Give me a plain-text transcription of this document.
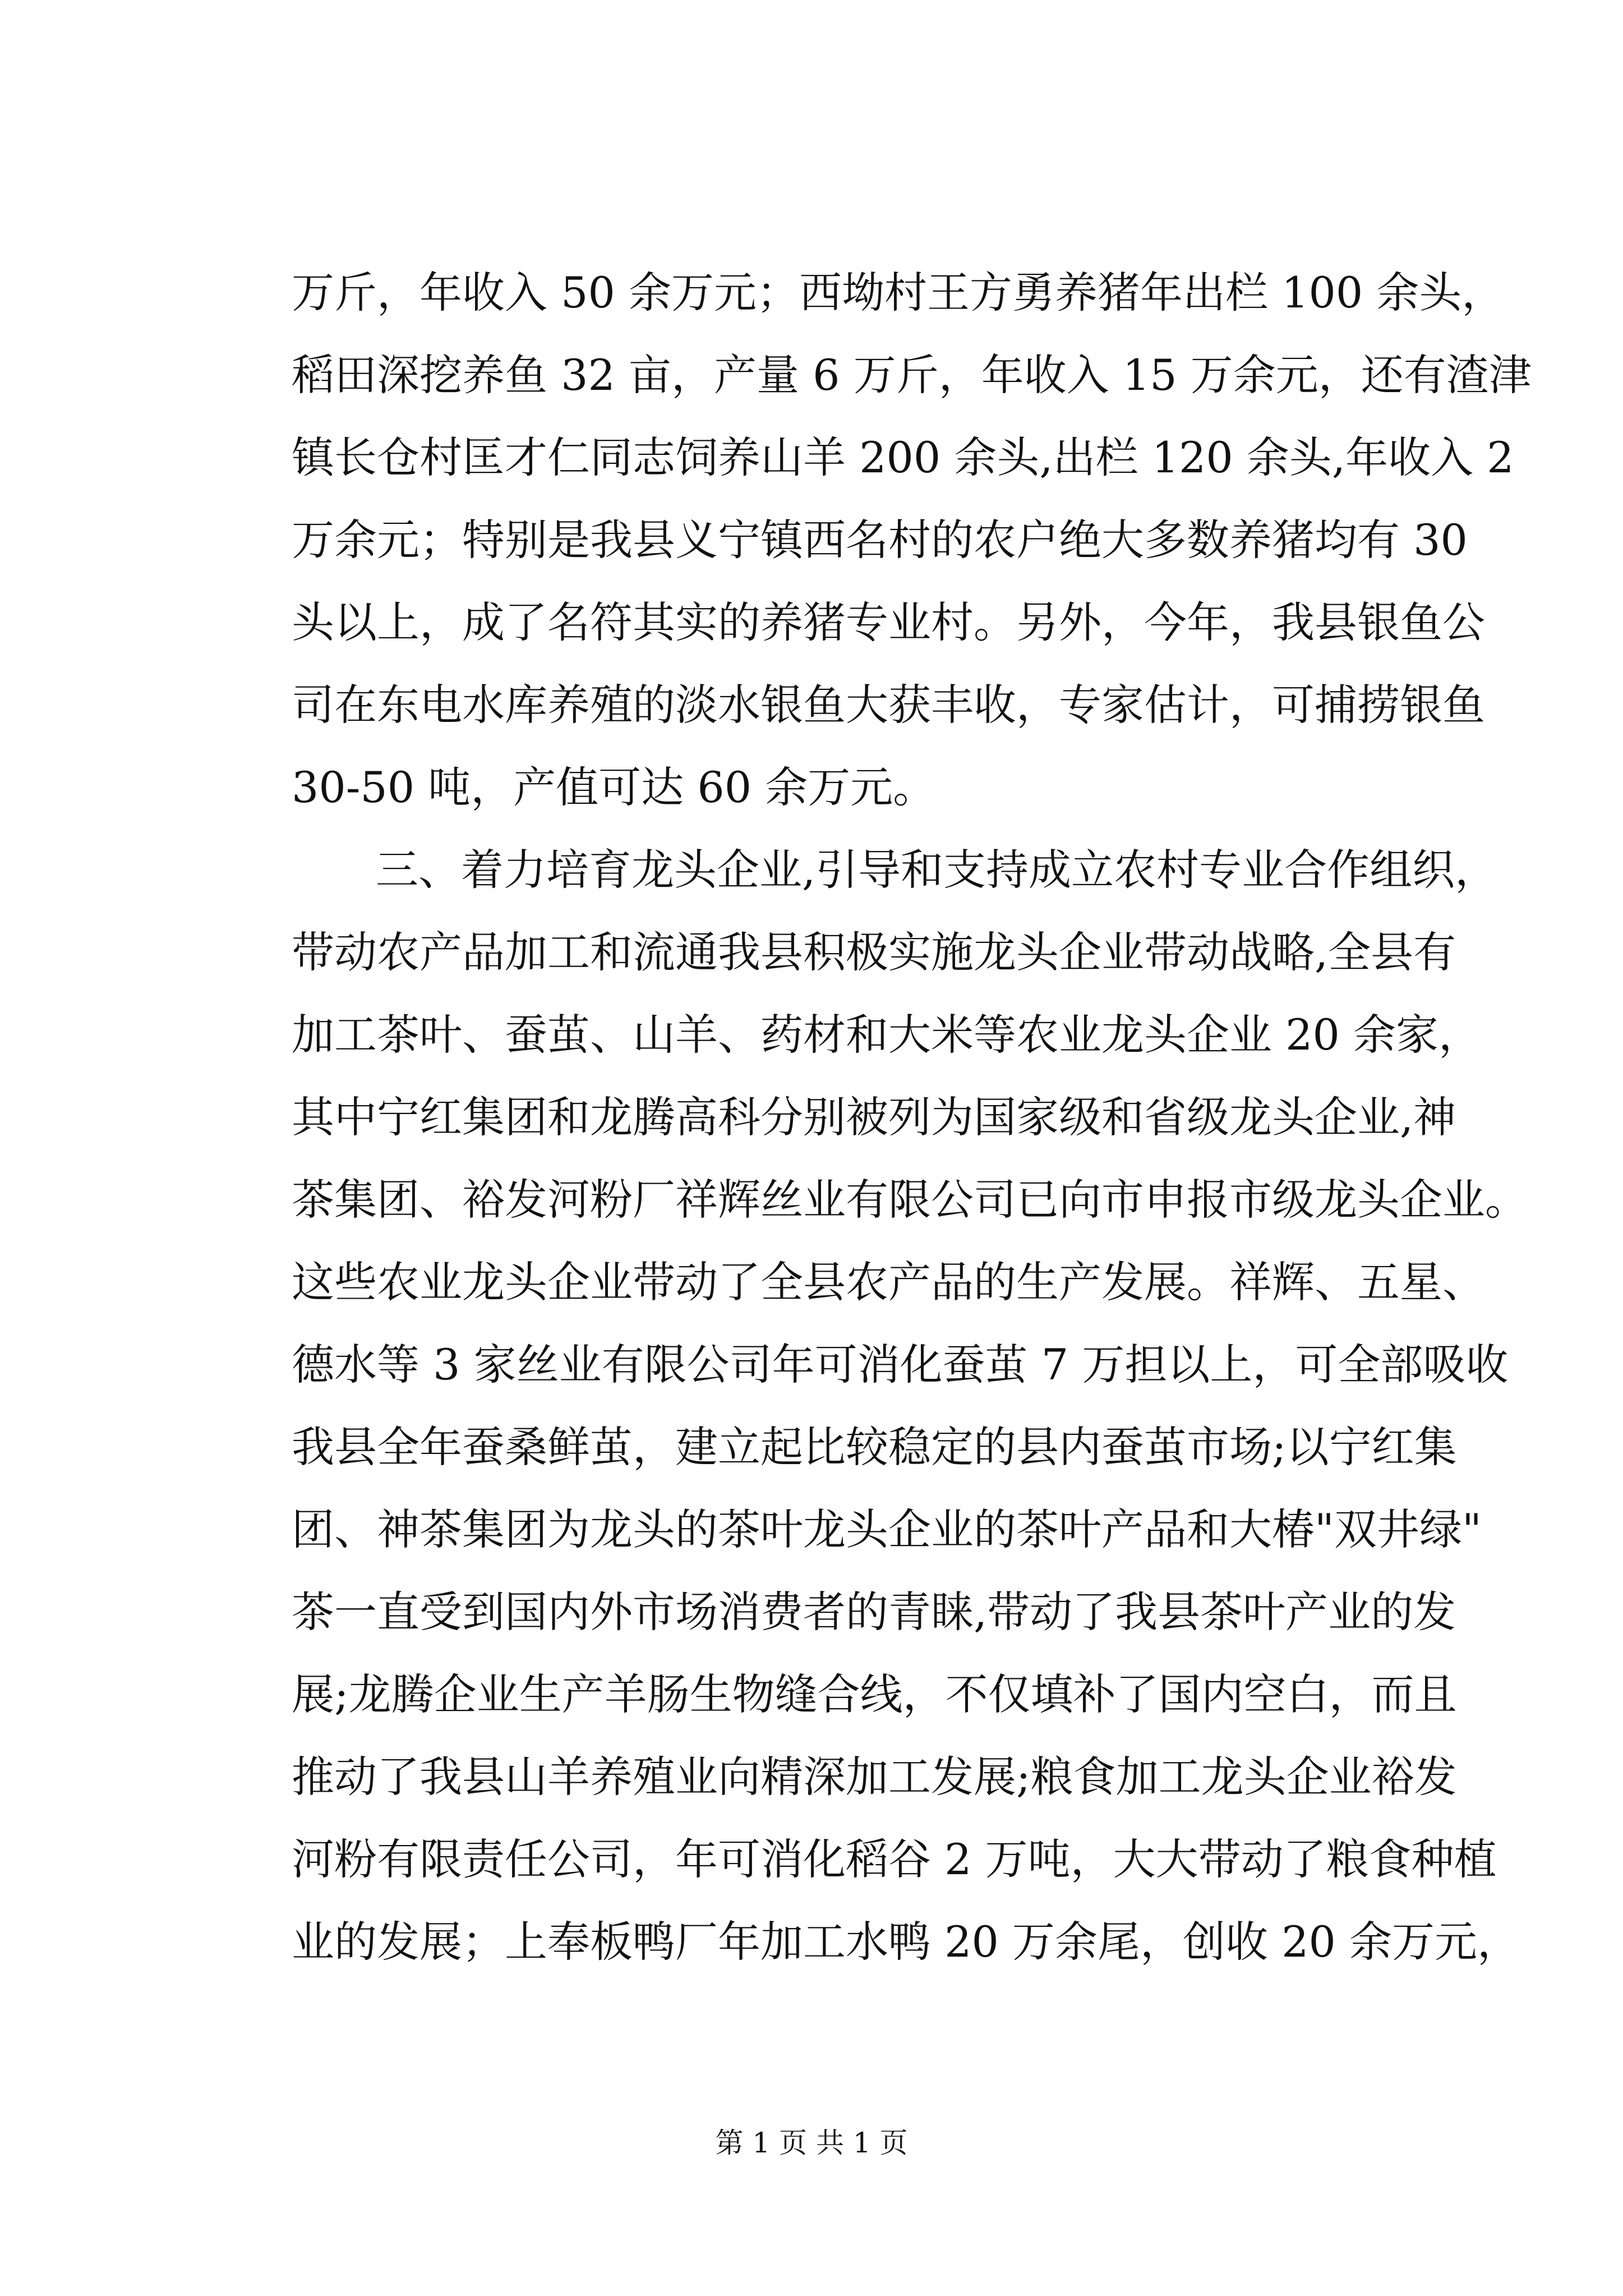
万斤，年收入 50 余万元；西坳村王方勇养猪年出栏 100 余头，
稻田深挖养鱼 32 亩，产量 6 万斤，年收入 15 万余元，还有渣津
镇长仓村匡才仁同志饲养山羊 200 余头,出栏 120 余头,年收入 2
万余元；特别是我县义宁镇西名村的农户绝大多数养猪均有 30
头以上，成了名符其实的养猪专业村。另外，今年，我县银鱼公
司在东电水库养殖的淡水银鱼大获丰收，专家估计，可捕捞银鱼
30-50 吨，产值可达 60 余万元。
三、着力培育龙头企业,引导和支持成立农村专业合作组织，
带动农产品加工和流通我县积极实施龙头企业带动战略,全县有
加工茶叶、蚕茧、山羊、药材和大米等农业龙头企业 20 余家，
其中宁红集团和龙腾高科分别被列为国家级和省级龙头企业,神
茶集团、裕发河粉厂祥辉丝业有限公司已向市申报市级龙头企业。
这些农业龙头企业带动了全县农产品的生产发展。祥辉、五星、
德水等 3 家丝业有限公司年可消化蚕茧 7 万担以上，可全部吸收
我县全年蚕桑鲜茧，建立起比较稳定的县内蚕茧市场;以宁红集
团、神茶集团为龙头的茶叶龙头企业的茶叶产品和大椿"双井绿"
茶一直受到国内外市场消费者的青睐,带动了我县茶叶产业的发
展;龙腾企业生产羊肠生物缝合线，不仅填补了国内空白，而且
推动了我县山羊养殖业向精深加工发展;粮食加工龙头企业裕发
河粉有限责任公司，年可消化稻谷 2 万吨，大大带动了粮食种植
业的发展；上奉板鸭厂年加工水鸭 20 万余尾，创收 20 余万元，
第 1 页 共 1 页
